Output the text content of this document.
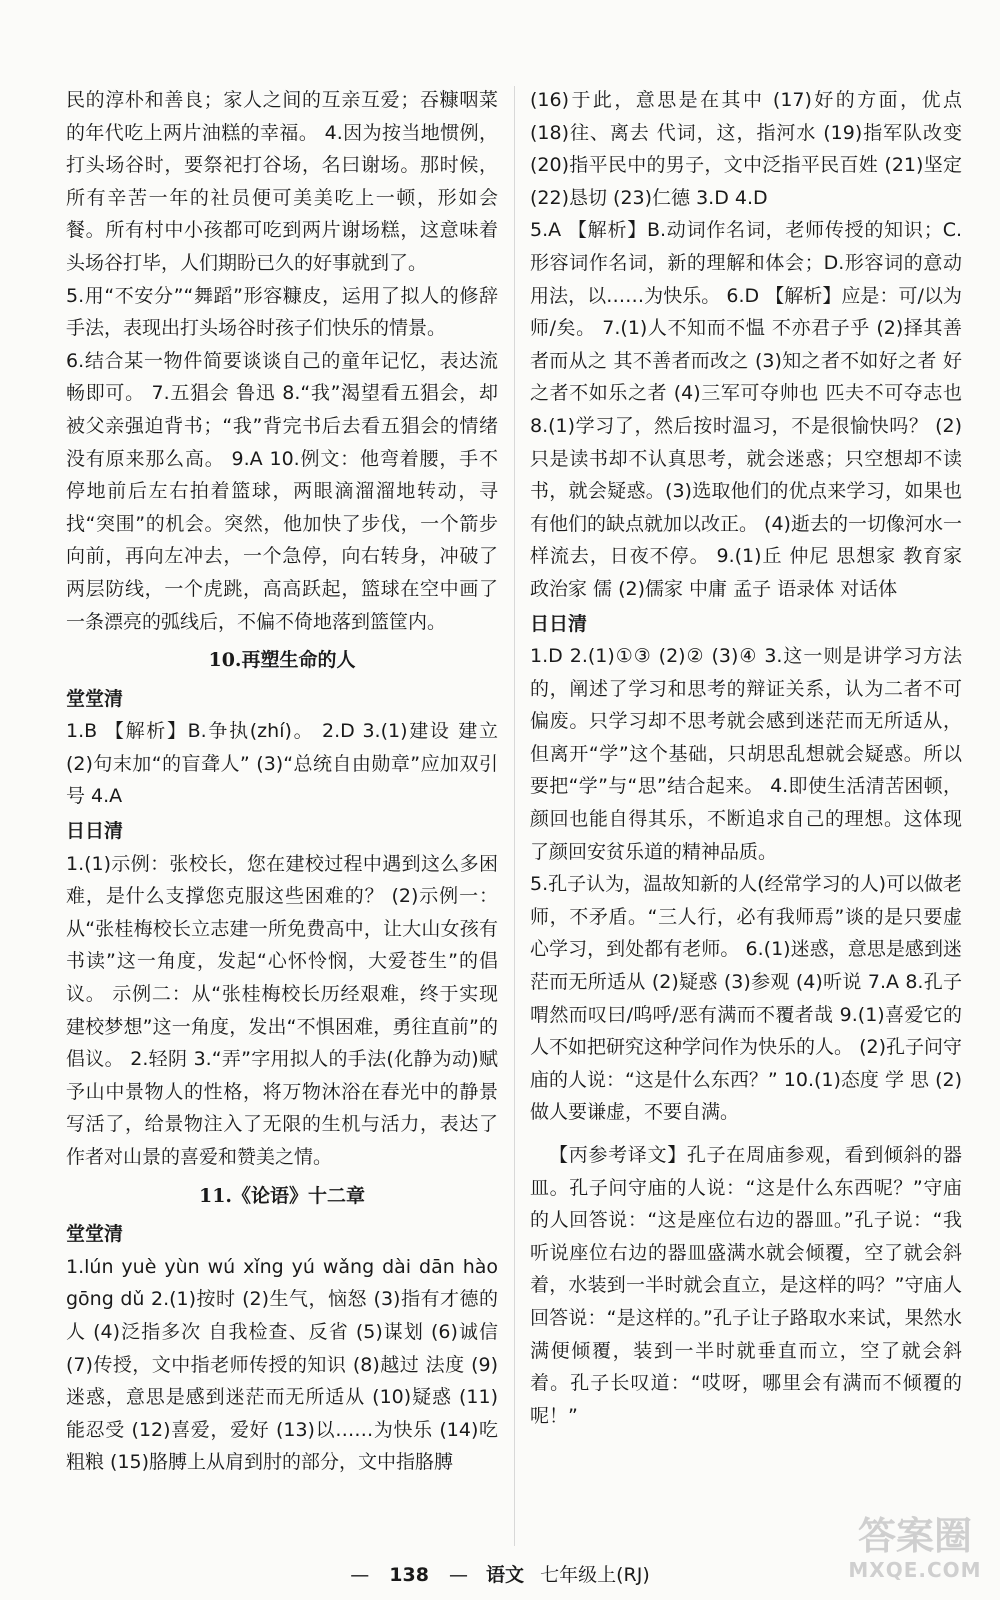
民的淳朴和善良；家人之间的互亲互爱；吞糠咽菜的年代吃上两片油糕的幸福。 4.因为按当地惯例，打头场谷时，要祭祀打谷场，名曰谢场。那时候，所有辛苦一年的社员便可美美吃上一顿，形如会餐。所有村中小孩都可吃到两片谢场糕，这意味着头场谷打毕，人们期盼已久的好事就到了。

5.用“不安分”“舞蹈”形容糠皮，运用了拟人的修辞手法，表现出打头场谷时孩子们快乐的情景。

6.结合某一物件简要谈谈自己的童年记忆，表达流畅即可。 7.五猖会 鲁迅 8.“我”渴望看五猖会，却被父亲强迫背书；“我”背完书后去看五猖会的情绪没有原来那么高。 9.A 10.例文：他弯着腰，手不停地前后左右拍着篮球，两眼滴溜溜地转动，寻找“突围”的机会。突然，他加快了步伐，一个箭步向前，再向左冲去，一个急停，向右转身，冲破了两层防线，一个虎跳，高高跃起，篮球在空中画了一条漂亮的弧线后，不偏不倚地落到篮筐内。

10.再塑生命的人
堂堂清

1.B 【解析】B.争执(zhí)。 2.D 3.(1)建设 建立 (2)句末加“的盲聋人” (3)“总统自由勋章”应加双引号 4.A

日日清

1.(1)示例：张校长，您在建校过程中遇到这么多困难，是什么支撑您克服这些困难的？ (2)示例一：从“张桂梅校长立志建一所免费高中，让大山女孩有书读”这一角度，发起“心怀怜悯，大爱苍生”的倡议。 示例二：从“张桂梅校长历经艰难，终于实现建校梦想”这一角度，发出“不惧困难，勇往直前”的倡议。 2.轻阴 3.“弄”字用拟人的手法(化静为动)赋予山中景物人的性格，将万物沐浴在春光中的静景写活了，给景物注入了无限的生机与活力，表达了作者对山景的喜爱和赞美之情。

11.《论语》十二章
堂堂清

1.lún yuè yùn wú xǐng yú wǎng dài dān hào gōng dǔ 2.(1)按时 (2)生气，恼怒 (3)指有才德的人 (4)泛指多次 自我检查、反省 (5)谋划 (6)诚信 (7)传授，文中指老师传授的知识 (8)越过 法度 (9)迷惑，意思是感到迷茫而无所适从 (10)疑惑 (11)能忍受 (12)喜爱，爱好 (13)以……为快乐 (14)吃 粗粮 (15)胳膊上从肩到肘的部分，文中指胳膊

(16)于此，意思是在其中 (17)好的方面，优点 (18)往、离去 代词，这，指河水 (19)指军队改变 (20)指平民中的男子，文中泛指平民百姓 (21)坚定 (22)恳切 (23)仁德 3.D 4.D

5.A 【解析】B.动词作名词，老师传授的知识；C.形容词作名词，新的理解和体会；D.形容词的意动用法，以……为快乐。 6.D 【解析】应是：可/以为师/矣。 7.(1)人不知而不愠 不亦君子乎 (2)择其善者而从之 其不善者而改之 (3)知之者不如好之者 好之者不如乐之者 (4)三军可夺帅也 匹夫不可夺志也 8.(1)学习了，然后按时温习，不是很愉快吗？ (2)只是读书却不认真思考，就会迷惑；只空想却不读书，就会疑惑。(3)选取他们的优点来学习，如果也有他们的缺点就加以改正。 (4)逝去的一切像河水一样流去，日夜不停。 9.(1)丘 仲尼 思想家 教育家 政治家 儒 (2)儒家 中庸 孟子 语录体 对话体

日日清

1.D 2.(1)①③ (2)② (3)④ 3.这一则是讲学习方法的，阐述了学习和思考的辩证关系，认为二者不可偏废。只学习却不思考就会感到迷茫而无所适从，但离开“学”这个基础，只胡思乱想就会疑惑。所以要把“学”与“思”结合起来。 4.即使生活清苦困顿，颜回也能自得其乐，不断追求自己的理想。这体现了颜回安贫乐道的精神品质。

5.孔子认为，温故知新的人(经常学习的人)可以做老师，不矛盾。“三人行，必有我师焉”谈的是只要虚心学习，到处都有老师。 6.(1)迷惑，意思是感到迷茫而无所适从 (2)疑惑 (3)参观 (4)听说 7.A 8.孔子喟然而叹曰/呜呼/恶有满而不覆者哉 9.(1)喜爱它的人不如把研究这种学问作为快乐的人。 (2)孔子问守庙的人说：“这是什么东西？” 10.(1)态度 学 思 (2)做人要谦虚，不要自满。

【丙参考译文】孔子在周庙参观，看到倾斜的器皿。孔子问守庙的人说：“这是什么东西呢？”守庙的人回答说：“这是座位右边的器皿。”孔子说：“我听说座位右边的器皿盛满水就会倾覆，空了就会斜着，水装到一半时就会直立，是这样的吗？”守庙人回答说：“是这样的。”孔子让子路取水来试，果然水满便倾覆，装到一半时就垂直而立，空了就会斜着。孔子长叹道：“哎呀，哪里会有满而不倾覆的呢！”

— 138 — 语文 七年级上(RJ)
答案圈
MXQE.COM
